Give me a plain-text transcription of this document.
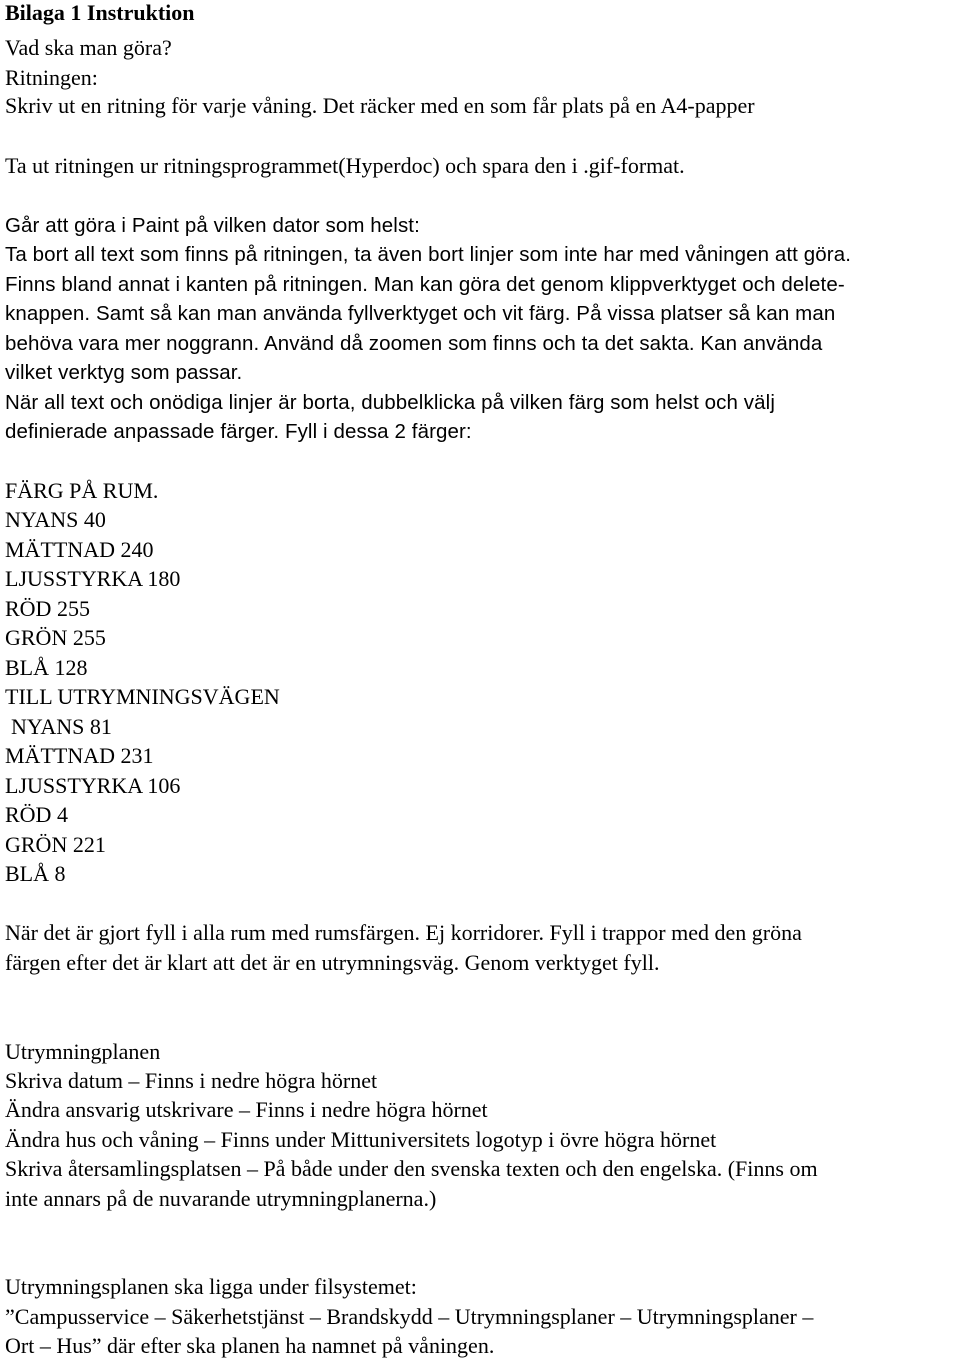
Bilaga 1 Instruktion
Vad ska man göra?
Ritningen:
Skriv ut en ritning för varje våning. Det räcker med en som får plats på en A4-papper
Ta ut ritningen ur ritningsprogrammet(Hyperdoc) och spara den i .gif-format.
Går att göra i Paint på vilken dator som helst:
Ta bort all text som finns på ritningen, ta även bort linjer som inte har med våningen att göra.
Finns bland annat i kanten på ritningen. Man kan göra det genom klippverktyget och delete-
knappen. Samt så kan man använda fyllverktyget och vit färg. På vissa platser så kan man
behöva vara mer noggrann. Använd då zoomen som finns och ta det sakta. Kan använda
vilket verktyg som passar.
När all text och onödiga linjer är borta, dubbelklicka på vilken färg som helst och välj
definierade anpassade färger. Fyll i dessa 2 färger:
FÄRG PÅ RUM.
NYANS 40
MÄTTNAD 240
LJUSSTYRKA 180
RÖD 255
GRÖN 255
BLÅ 128
TILL UTRYMNINGSVÄGEN
NYANS 81
MÄTTNAD 231
LJUSSTYRKA 106
RÖD 4
GRÖN 221
BLÅ 8
När det är gjort fyll i alla rum med rumsfärgen. Ej korridorer. Fyll i trappor med den gröna
färgen efter det är klart att det är en utrymningsväg. Genom verktyget fyll.
Utrymningplanen
Skriva datum – Finns i nedre högra hörnet
Ändra ansvarig utskrivare – Finns i nedre högra hörnet
Ändra hus och våning – Finns under Mittuniversitets logotyp i övre högra hörnet
Skriva återsamlingsplatsen – På både under den svenska texten och den engelska. (Finns om
inte annars på de nuvarande utrymningplanerna.)
Utrymningsplanen ska ligga under filsystemet:
”Campusservice – Säkerhetstjänst – Brandskydd – Utrymningsplaner – Utrymningsplaner –
Ort – Hus” där efter ska planen ha namnet på våningen.
